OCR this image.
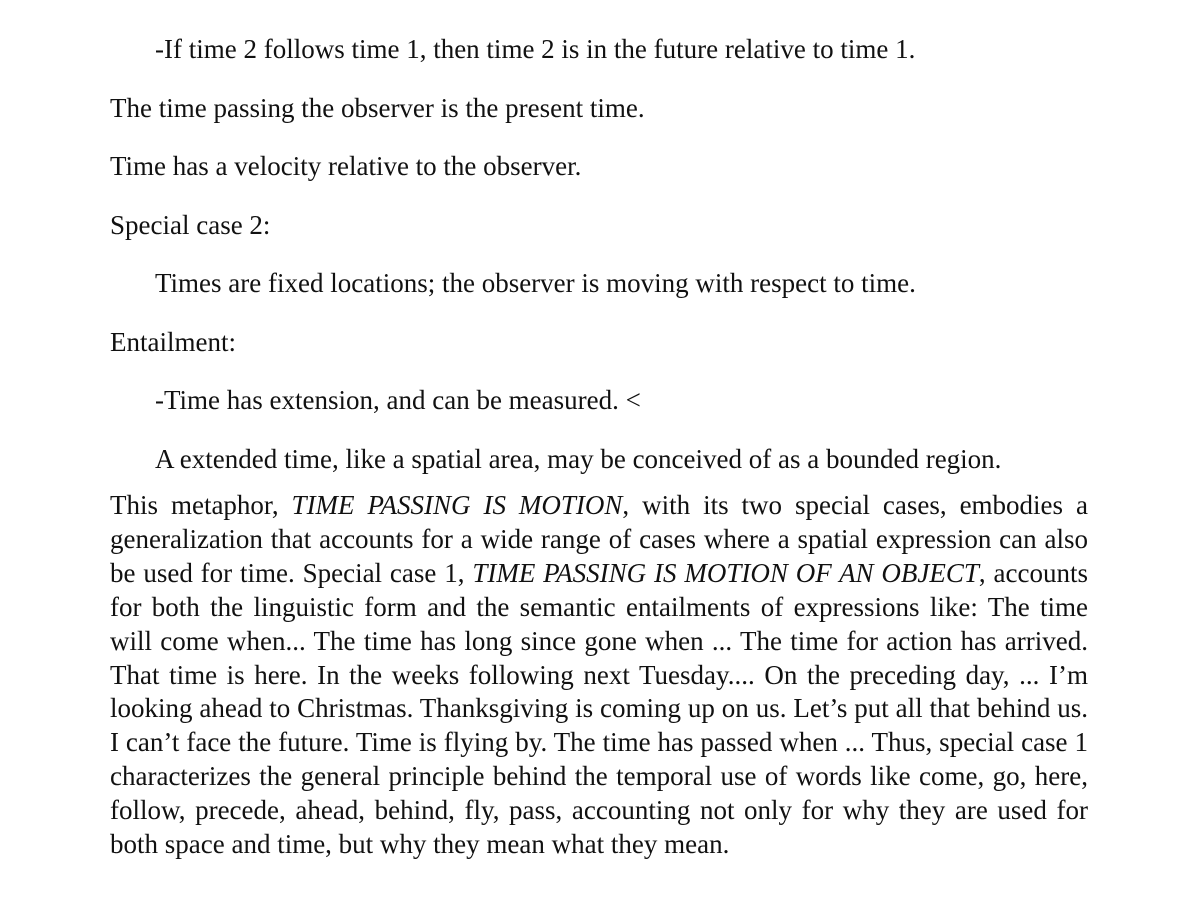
-If time 2 follows time 1, then time 2 is in the future relative to time 1.

The time passing the observer is the present time.

Time has a velocity relative to the observer.

Special case 2:

Times are fixed locations; the observer is moving with respect to time.

Entailment:

-Time has extension, and can be measured. <

A extended time, like a spatial area, may be conceived of as a bounded region.

This metaphor, TIME PASSING IS MOTION, with its two special cases, embodies a generalization that accounts for a wide range of cases where a spatial expression can also be used for time. Special case 1, TIME PASSING IS MOTION OF AN OBJECT, accounts for both the linguistic form and the semantic entailments of expressions like: The time will come when... The time has long since gone when ... The time for action has arrived. That time is here. In the weeks following next Tuesday.... On the preceding day, ... I’m looking ahead to Christmas. Thanksgiving is coming up on us. Let’s put all that behind us. I can’t face the future. Time is flying by. The time has passed when ... Thus, special case 1 characterizes the general principle behind the temporal use of words like come, go, here, follow, precede, ahead, behind, fly, pass, accounting not only for why they are used for both space and time, but why they mean what they mean.
